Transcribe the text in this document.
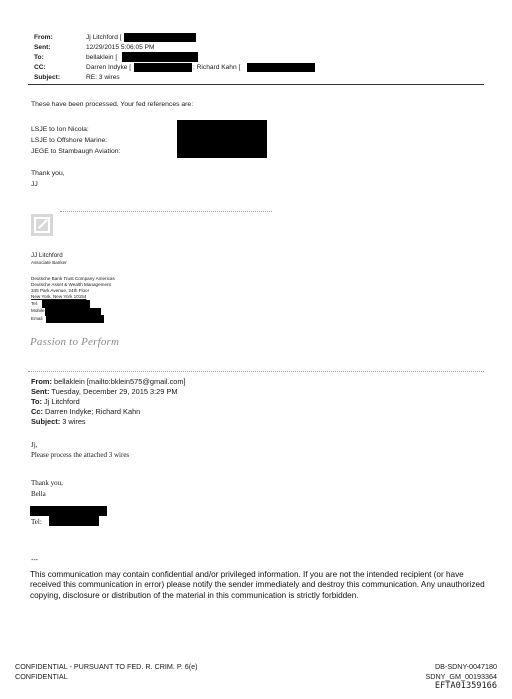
From:	Jj Litchford [
Sent:	12/29/2015 5:06:05 PM
To:	bellaklein [
CC:	Darren Indyke [	; Richard Kahn [
Subject:	RE: 3 wires
These have been processed. Your fed references are:
LSJE to Ion Nicola:
LSJE to Offshore Marine:
JEGE to Stambaugh Aviation:
Thank you,
JJ
JJ Litchford
Associate Banker
Deutsche Bank Trust Company Americas
Deutsche Asset & Wealth Management
345 Park Avenue, 24th Floor
New York, New York 10154
Tel.
Mobile
Email
Passion to Perform
From: bellaklein [mailto:bklein575@gmail.com]
Sent: Tuesday, December 29, 2015 3:29 PM
To: Jj Litchford
Cc: Darren Indyke; Richard Kahn
Subject: 3 wires
Jj,
Please process the attached 3 wires
Thank you,
Bella
Tel:
---
This communication may contain confidential and/or privileged information. If you are not the intended recipient (or have received this communication in error) please notify the sender immediately and destroy this communication. Any unauthorized copying, disclosure or distribution of the material in this communication is strictly forbidden.
CONFIDENTIAL - PURSUANT TO FED. R. CRIM. P. 6(e)
CONFIDENTIAL
DB-SDNY-0047180
SDNY_GM_00193364
EFTA01359166
